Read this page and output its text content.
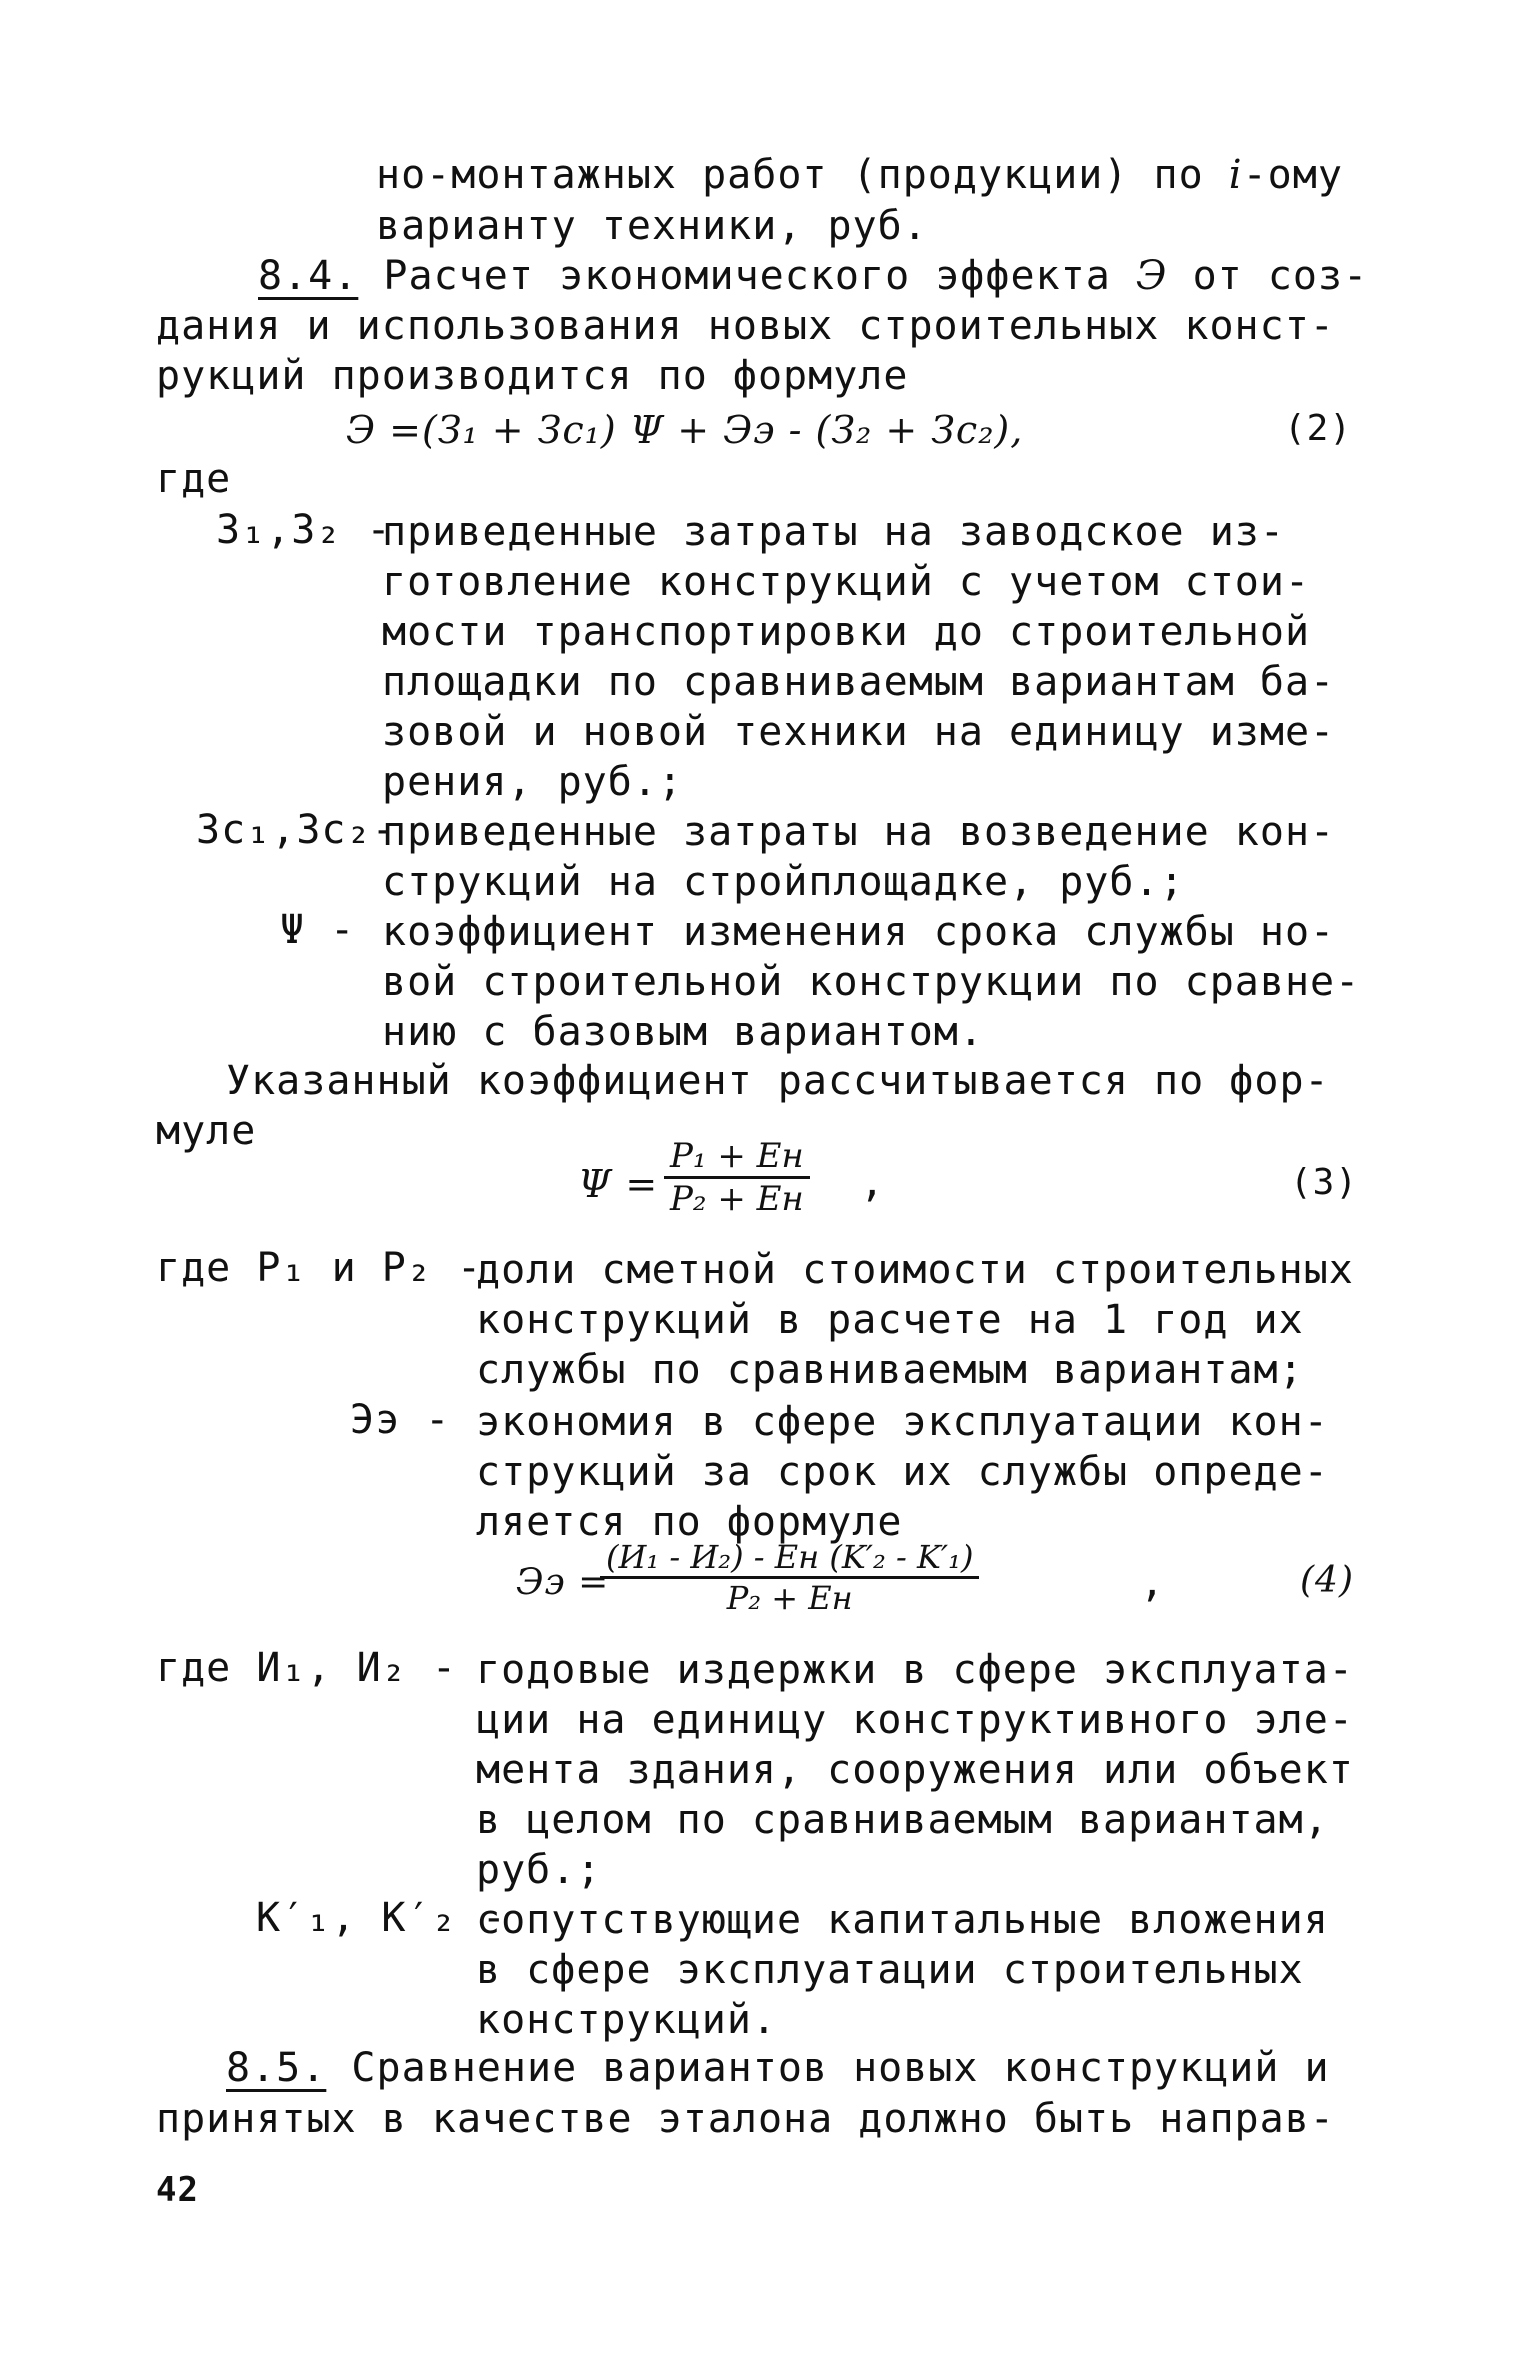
но-монтажных работ (продукции) по i-ому
варианту техники, руб.
8.4. Расчет экономического эффекта Э от соз-
дания и использования новых строительных конст-
рукций производится по формуле
Э =(З₁ + Зс₁) Ψ + Ээ - (З₂ + Зс₂),	(2)
где
З₁,З₂ -
приведенные затраты на заводское из-
готовление конструкций с учетом стои-
мости транспортировки до строительной
площадки по сравниваемым вариантам ба-
зовой и новой техники на единицу изме-
рения, руб.;
Зс₁,Зс₂-
приведенные затраты на возведение кон-
струкций на стройплощадке, руб.;
Ψ - коэффициент изменения срока службы но-
вой строительной конструкции по сравне-
нию с базовым вариантом.
Указанный коэффициент рассчитывается по фор-
муле
Ψ =
P₁ + Eн
P₂ + Eн ,	(3)
где P₁ и P₂ -
доли сметной стоимости строительных
конструкций в расчете на 1 год их
службы по сравниваемым вариантам;
Ээ - экономия в сфере эксплуатации кон-
струкций за срок их службы опреде-
ляется по формуле
Ээ =
(И₁ - И₂) - Eн (K′₂ - K′₁)
P₂ + Eн	,	(4)
где И₁, И₂ - годовые издержки в сфере эксплуата-
ции на единицу конструктивного эле-
мента здания, сооружения или объект
в целом по сравниваемым вариантам,
руб.;
K′₁, K′₂ -
сопутствующие капитальные вложения
в сфере эксплуатации строительных
конструкций.
8.5. Сравнение вариантов новых конструкций и
принятых в качестве эталона должно быть направ-
42
